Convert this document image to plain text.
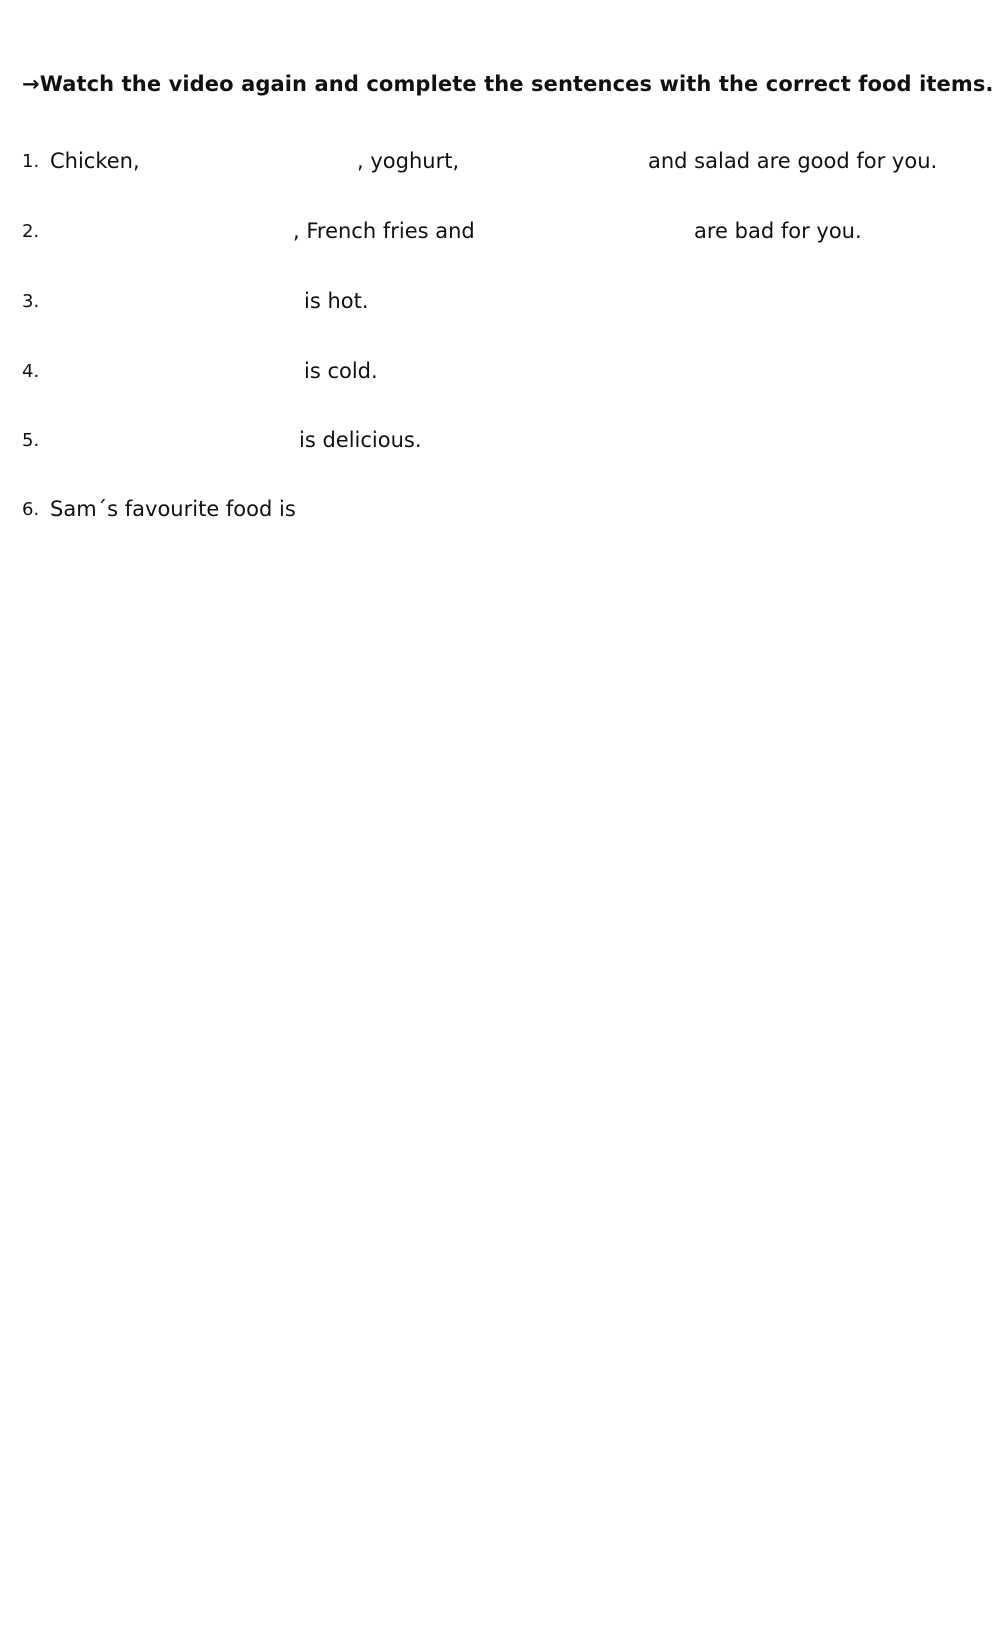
→Watch the video again and complete the sentences with the correct food items.
1. Chicken,	, yoghurt,	and salad are good for you.
2.	, French fries and	are bad for you.
3.	is hot.
4.	is cold.
5.	is delicious.
6. Sam´s favourite food is
